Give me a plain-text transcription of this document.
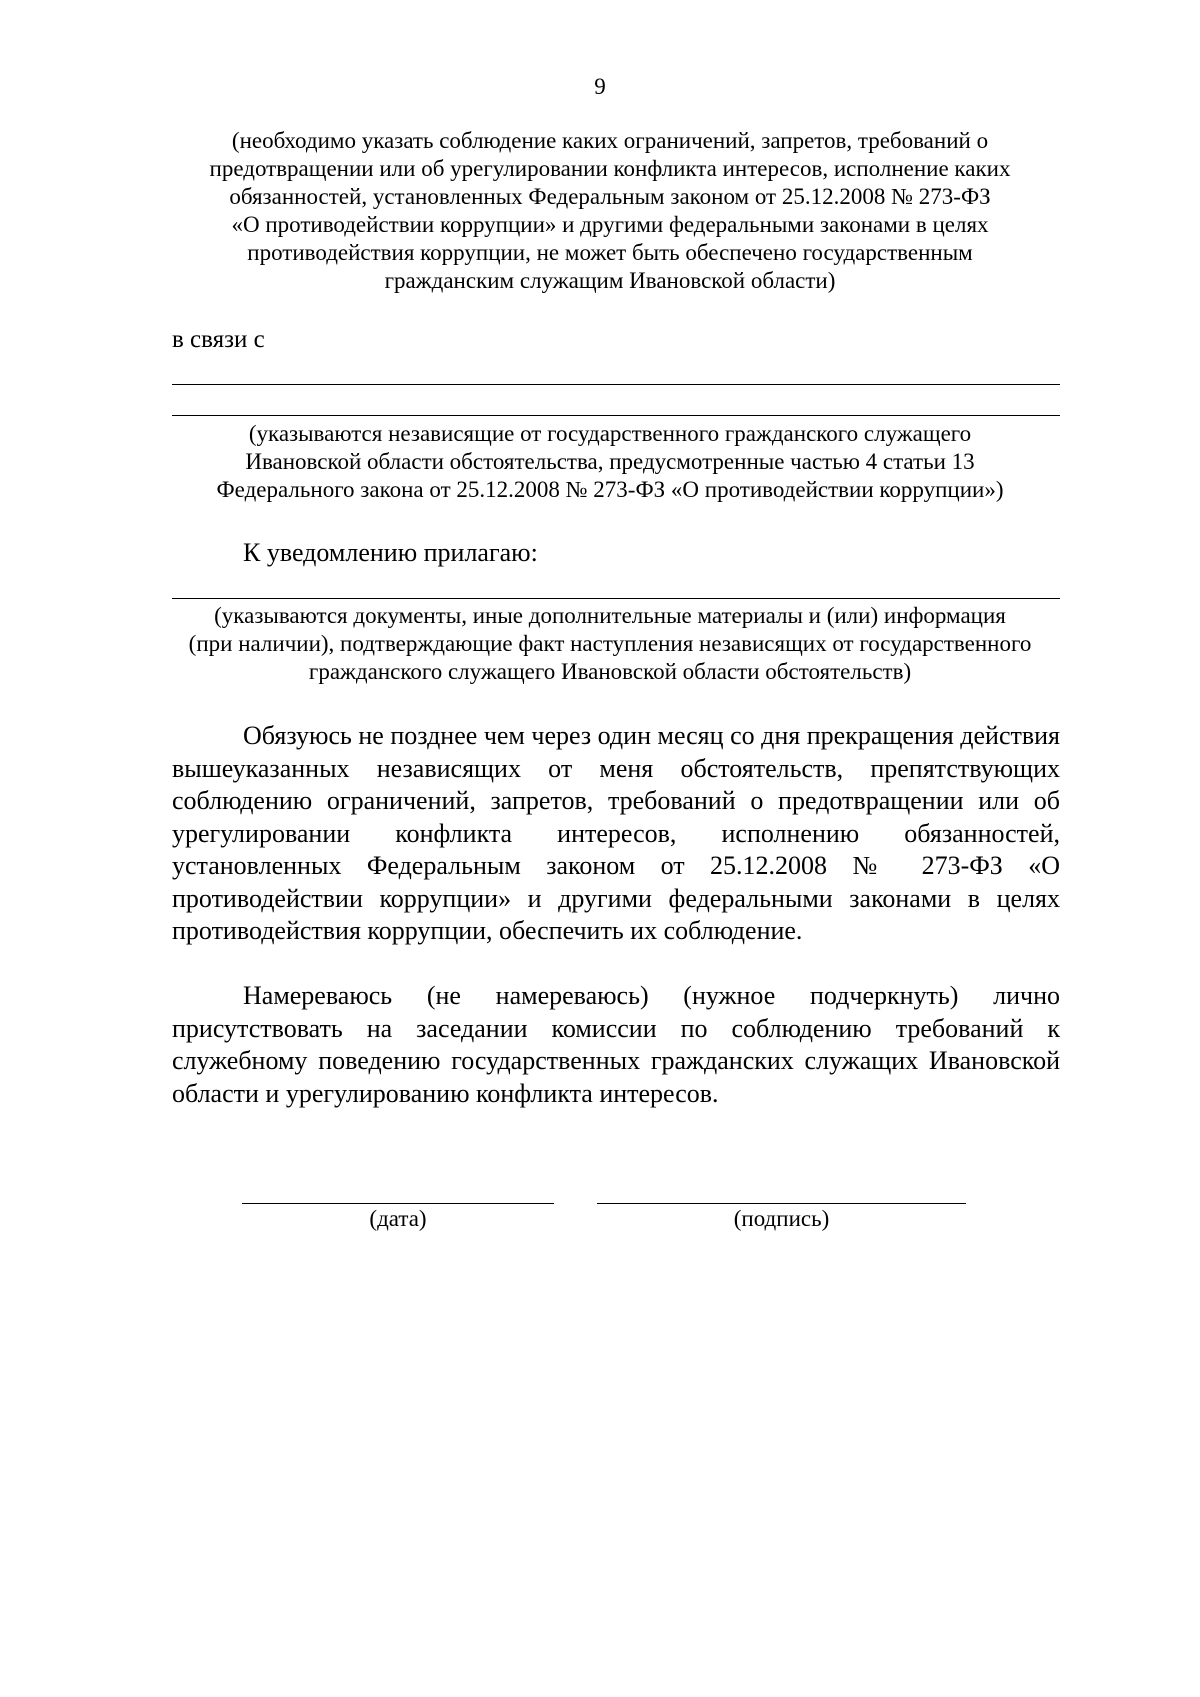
9
(необходимо указать соблюдение каких ограничений, запретов, требований о
предотвращении или об урегулировании конфликта интересов, исполнение каких
обязанностей, установленных Федеральным законом от 25.12.2008 № 273-ФЗ
«О противодействии коррупции» и другими федеральными законами в целях
противодействия коррупции, не может быть обеспечено государственным
гражданским служащим Ивановской области)
в связи с
(указываются независящие от государственного гражданского служащего
Ивановской области обстоятельства, предусмотренные частью 4 статьи 13
Федерального закона от 25.12.2008 № 273-ФЗ «О противодействии коррупции»)
К уведомлению прилагаю:
(указываются документы, иные дополнительные материалы и (или) информация
(при наличии), подтверждающие факт наступления независящих от государственного
гражданского служащего Ивановской области обстоятельств)

Обязуюсь не позднее чем через один месяц со дня прекращения действия вышеуказанных независящих от меня обстоятельств, препятствующих соблюдению ограничений, запретов, требований о предотвращении или об урегулировании конфликта интересов, исполнению обязанностей, установленных Федеральным законом от 25.12.2008 № 273-ФЗ «О противодействии коррупции» и другими федеральными законами в целях противодействия коррупции, обеспечить их соблюдение.

Намереваюсь (не намереваюсь) (нужное подчеркнуть) лично присутствовать на заседании комиссии по соблюдению требований к служебному поведению государственных гражданских служащих Ивановской области и урегулированию конфликта интересов.

(дата)	(подпись)
